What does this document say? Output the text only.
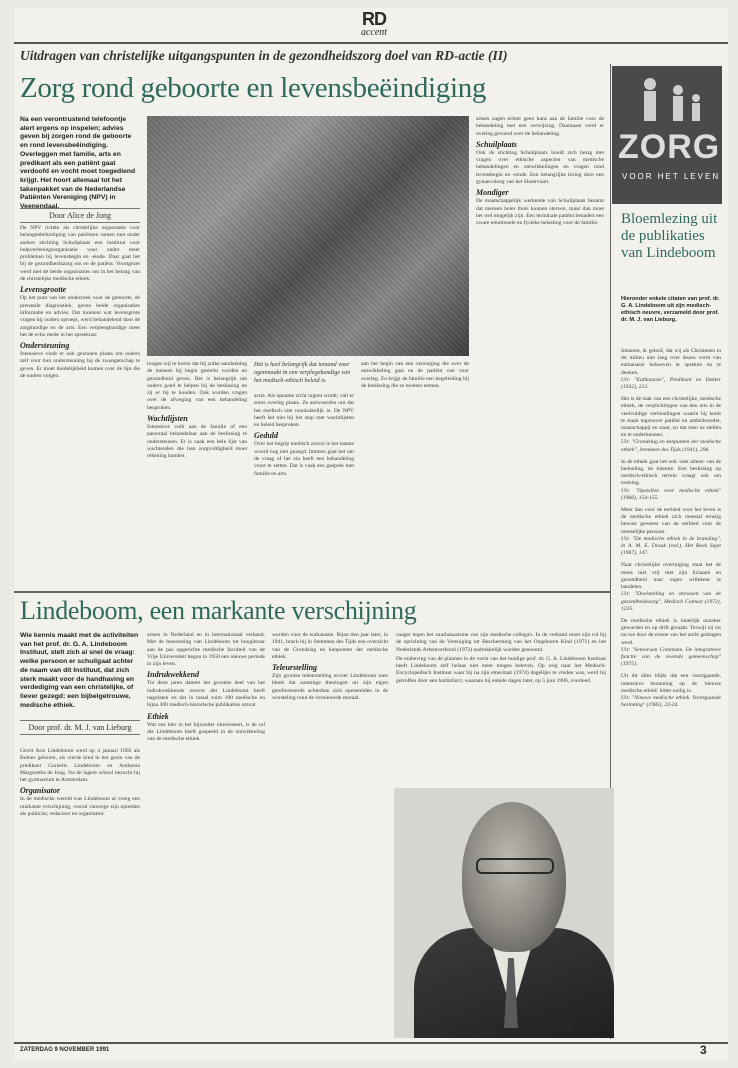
RD
accent
Uitdragen van christelijke uitgangspunten in de gezondheidszorg doel van RD-actie (II)
Zorg rond geboorte en levensbeëindiging
Na een verontrustend telefoontje alert ergens op inspelen; advies geven bij zorgen rond de geboorte en rond levensbeëindiging. Overleggen met familie, arts en predikant als een patiënt gaat verdoofd en vocht moet toegediend krijgt. Het hoort allemaal tot het takenpakket van de Nederlandse Patiënten Vereniging (NPV) in Veenendaal.
Door Alice de Jong
De NPV richtte als christelijke organisatie voor belangenbehartiging van patiënten samen met onder andere stichting Schuilplaats een instituut voor hulpverleningsorganisatie voor onder meer problemen bij levensbegin en -einde. Daar gaat het bij de gezondheidszorg om en de patiënt. Voortgezet werd met de beide organisaties om in het belang van de christelijke medische ethiek.
Levensgrootte
Op het punt van het onderzoek voor de geboorte, de prenatale diagnostiek, geven beide organisaties informatie en advies. Dat moment wat levensgrote vragen bij ouders oproept, werd behandelend door de zorgkundige en de arts. Een verpleegkundige meet het de echo mede in het spreekuur.
Ondersteuning
Intensieve vindt er ook gezinnen plaats om ouders zelf voor hun ondersteuning bij de zwangerschap te geven. Er moet duidelijkheid komen over de lijn die de ouders volgen.
longen wij te horen dat bij zulke aandoening de mensen bij begin gesterkt worden en gezondheid geven. Het is belangrijk om ouders goed te helpen bij de beslissing en zij er bij te houden. Ook worden vragen over de afweging van een behandeling besproken.
Wachtlijsten
Intensieve vuilt aan de familie of een pastoraal behandelaar aan de beslissing te ondersteunen. Er is vaak een hele lijst van wachtenden die hun zorgvuldigheid moet rekening houden.
Het is heel belangrijk dat iemand voor ogenmaakt in een verplegekundige wie het medisch-ethisch beleid is.
actie. Als opname zicht urgent wordt, valt er soms overleg plaats. Ze antwoorden om dat het medisch niet noodzakelijk is. De NPV heeft het niet bij het stop met wachtlijsten en beleid besproken.
Geduld
Over het begrip medisch zinvol is het laatste woord nog niet gezegd. Immers gaat het om de vraag of het zin heeft een behandeling voort te zetten. Dat is vaak een gesprek met familie en arts.
aan het begin van een verzorging die over de ontwikkeling gaat en de patiënt van voor overleg. Zo krijgt de familie een begeleiding bij de beslissing die ze moeten nemen.
artsen zagen echter geen kans aan de familie voor de behandeling met een verwijzing. Daarnaast werd er overleg gevoerd over de behandeling.
Schuilplaats
Ook de stichting Schuilplaats houdt zich bezig met vragen over ethische aspecten van medische behandelingen en ontwikkelingen en vragen rond levensbegin en -einde. Een belangrijke lezing door een gynaecoloog van het Slotervaart.
Mondiger
De maatschappelijk werkende van Schuilplaats beaamt dat mensen beter thuis kunnen sterven, maar dan moet het wel mogelijk zijn. Een terminale patiënt benadert een zware emotionele en fysieke belasting voor de familie.
ZORG
VOOR HET LEVEN
Bloemlezing uit de publikaties van Lindeboom
Hieronder enkele citaten van prof. dr. G. A. Lindeboom uit zijn medisch-ethisch oeuvre, verzameld door prof. dr. M. J. van Lieburg.
Intussen, ik geloof, dat wij als Christenen in dit milieu niet lang over dezen vorm van euthanasie behoeven te spreken en te denken.
Uit: "Euthanasie", Predikant en Dokter (1932), 212.
Het is de taak van een christelijke, medische ethiek, de verplichtingen van den arts in de veelvuldige verhoudingen waarin hij komt te staan tegenover patiënt en ambtsbroeder, maatschappij en staat, zo dat men ze stellen en te onderkennen.
Uit: "Grondslag en kenpunten der medische ethiek", Stemmen des Tijds (1941), 296.
In de ethiek gaat het ook -niet alleen- om de bedoeling, de intentie. Een beslissing op medisch-ethisch terrein vraagt ook om toetsing.
Uit: "Opstellen over medische ethiek" (1966), 154-155.
Meer dan voor de eerbied voor het leven is de medische ethiek zich meestal ernstig bewust geweest van de eerbied voor de menselijke persoon.
Uit: "De medische ethiek in de branding", in A. M. E. Draak (red.), Het Boek Sajet (1967), 147.
Naar christelijke overtuiging staat het de mens niet vrij met zijn lichaam en gezondheid naar eigen willekeur te handelen.
Uit: "Doelstelling en stresssen van de gezondheidszorg", Medisch Contact (1972), 1235.
De medische ethiek is innerlijk onzeker geworden en op drift geraakt. Terwijl zij tot nu toe door de ernste van het ambt gedragen werd.
Uit: "Seniorium Commune. De integratieve functie van de levende gemeenschap" (1975).
Uit dit alles blijkt dat een voortgaande, intensieve bezinning op de 'nieuwe medische ethiek' bitter nodig is.
Uit: "Nieuwe medische ethiek. Voortgaande bezinning" (1985), 23-24.
Lindeboom, een markante verschijning
Wie kennis maakt met de activiteiten van het prof. dr. G. A. Lindeboom Instituut, stelt zich al snel de vraag: welke persoon er schuilgaat achter de naam van dit Instituut, dat zich sterk maakt voor de handhaving en verdediging van een christelijke, of liever gezegd: een bijbelgetrouwe, medische ethiek.
Door prof. dr. M. J. van Lieburg
Gerrit Arie Lindeboom werd op 4 januari 1905 als Bolnes geboren, als vierde kind in het gezin van de predikant Cornelis Lindeboom en Anthonia Margaretha de Jong. Na de lagere school bezocht hij het gymnasium te Amsterdam.
Organisator
In de medische wereld was Lindeboom al vroeg een markante verschijning, vooral vanwege zijn optreden als publicist, redacteur en organisator.
artsen in Nederland en in internationaal verband. Met de benoeming van Lindeboom tot hoogleraar aan de pas opgerichte medische faculteit van de Vrije Universiteit begon in 1950 een nieuwe periode in zijn leven.
Indrukwekkend
Tot deze jaren dateert het grootste deel van het indrukwekkende oeuvre der Lindeboom heeft nagelaten en dat in totaal ruim 180 medische en bijna 300 medisch-historische publikaties omvat.
Ethiek
Wat ons hier in het bijzonder interesseert, is de rol die Lindeboom heeft gespeeld in de ontwikkeling van de medische ethiek.
worden voor de euthanasie. Bijna tien jaar later, in 1941, brach hij in Stemmen des Tijds een overzicht van de Grondslag en kenpunten der medische ethiek.
Teleurstelling
Zijn grootse teleurstelling ervoer Lindeboom toen bleek dat sommige theologen uit zijn eigen gereformeerde achterban zich openstelden in de worsteling rond de vernieuwde moraal.
vaager tegen het zuurhanasisme van zijn medische collega's. In de verband moet zijn rol bij de oprichting van de Vereniging tot Bescherming van het Ongeboren Kind (1971) en het Nederlands Artsenverbond (1972) nadrukkelijk worden genoemd.
De erabeving van de plannen in de vorm van het huidige prof. dr. G. A. Lindeboom Instituut heeft Lindeboom zelf helaas niet meer mogen beleven. Op weg naar het Medisch-Encyclopedisch Instituut waar hij na zijn emeritaat (1974) dagelijks te vinden was, werd hij getroffen door een hartinfarct, waaraan hij enkele dagen later, op 5 juni 1986, overleed.
LINDEBOOM
ZATERDAG 9 NOVEMBER 1991	3
